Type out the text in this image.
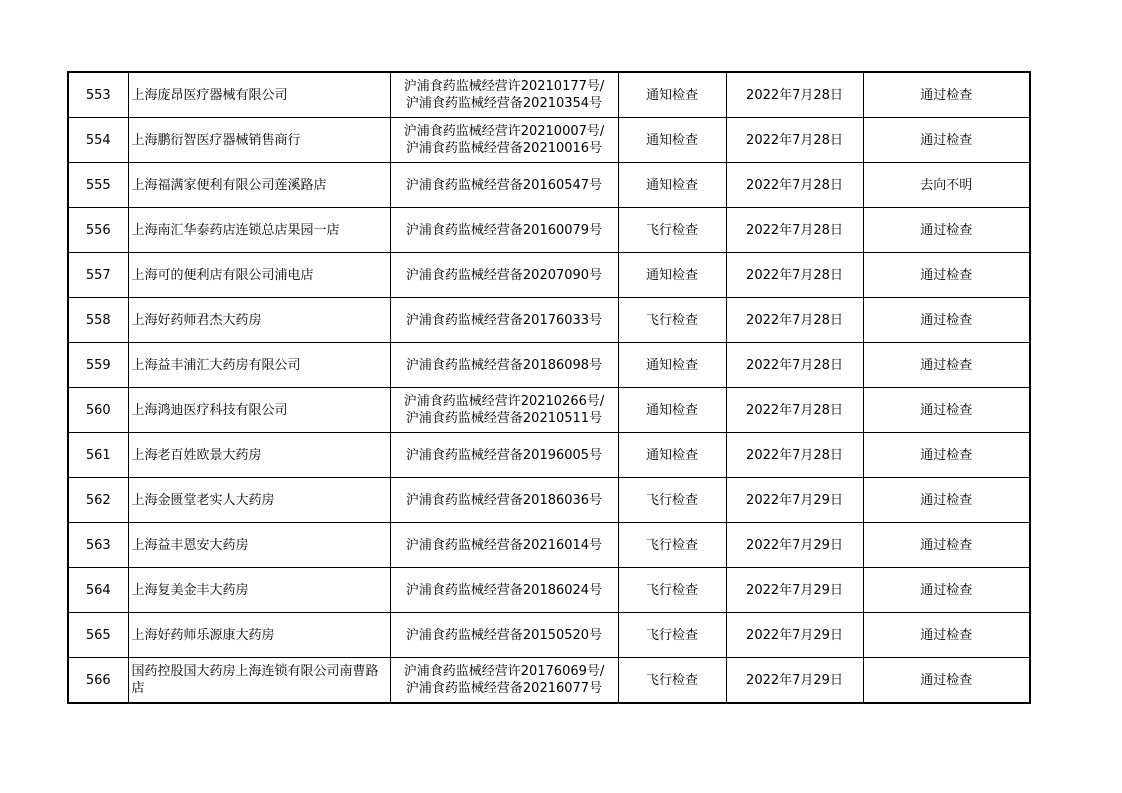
553	上海庞昂医疗器械有限公司	沪浦食药监械经营许20210177号/
沪浦食药监械经营备20210354号	通知检查	2022年7月28日	通过检查
554	上海鹏衍智医疗器械销售商行	沪浦食药监械经营许20210007号/
沪浦食药监械经营备20210016号	通知检查	2022年7月28日	通过检查
555	上海福满家便利有限公司莲溪路店	沪浦食药监械经营备20160547号	通知检查	2022年7月28日	去向不明
556	上海南汇华泰药店连锁总店果园一店	沪浦食药监械经营备20160079号	飞行检查	2022年7月28日	通过检查
557	上海可的便利店有限公司浦电店	沪浦食药监械经营备20207090号	通知检查	2022年7月28日	通过检查
558	上海好药师君杰大药房	沪浦食药监械经营备20176033号	飞行检查	2022年7月28日	通过检查
559	上海益丰浦汇大药房有限公司	沪浦食药监械经营备20186098号	通知检查	2022年7月28日	通过检查
560	上海鸿迪医疗科技有限公司	沪浦食药监械经营许20210266号/
沪浦食药监械经营备20210511号	通知检查	2022年7月28日	通过检查
561	上海老百姓欧景大药房	沪浦食药监械经营备20196005号	通知检查	2022年7月28日	通过检查
562	上海金匮堂老实人大药房	沪浦食药监械经营备20186036号	飞行检查	2022年7月29日	通过检查
563	上海益丰恩安大药房	沪浦食药监械经营备20216014号	飞行检查	2022年7月29日	通过检查
564	上海复美金丰大药房	沪浦食药监械经营备20186024号	飞行检查	2022年7月29日	通过检查
565	上海好药师乐源康大药房	沪浦食药监械经营备20150520号	飞行检查	2022年7月29日	通过检查
566	国药控股国大药房上海连锁有限公司南曹路店	沪浦食药监械经营许20176069号/
沪浦食药监械经营备20216077号	飞行检查	2022年7月29日	通过检查
